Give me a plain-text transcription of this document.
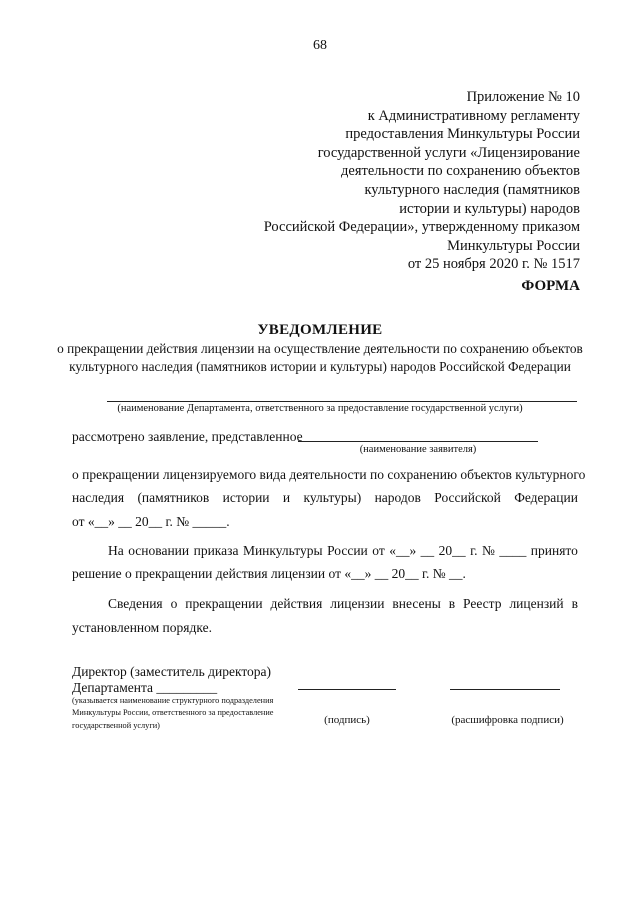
68
Приложение № 10
к Административному регламенту
предоставления Минкультуры России
государственной услуги «Лицензирование
деятельности по сохранению объектов
культурного наследия (памятников
истории и культуры) народов
Российской Федерации», утвержденному приказом
Минкультуры России
от 25 ноября 2020 г. № 1517
ФОРМА
УВЕДОМЛЕНИЕ
о прекращении действия лицензии на осуществление деятельности по сохранению объектов
культурного наследия (памятников истории и культуры) народов Российской Федерации
(наименование Департамента, ответственного за предоставление государственной услуги)
рассмотрено заявление, представленное
(наименование заявителя)
о прекращении лицензируемого вида деятельности по сохранению объектов культурного
наследия (памятников истории и культуры) народов Российской Федерации
от «__» __ 20__ г. № _____.
На основании приказа Минкультуры России от «__» __ 20__ г. № ____ принято
решение о прекращении действия лицензии от «__» __ 20__ г. № __.
Сведения о прекращении действия лицензии внесены в Реестр лицензий в
установленном порядке.
Директор (заместитель директора)
Департамента _________
(указывается наименование структурного подразделения
Минкультуры России, ответственного за предоставление
государственной услуги)	(подпись)	(расшифровка подписи)
